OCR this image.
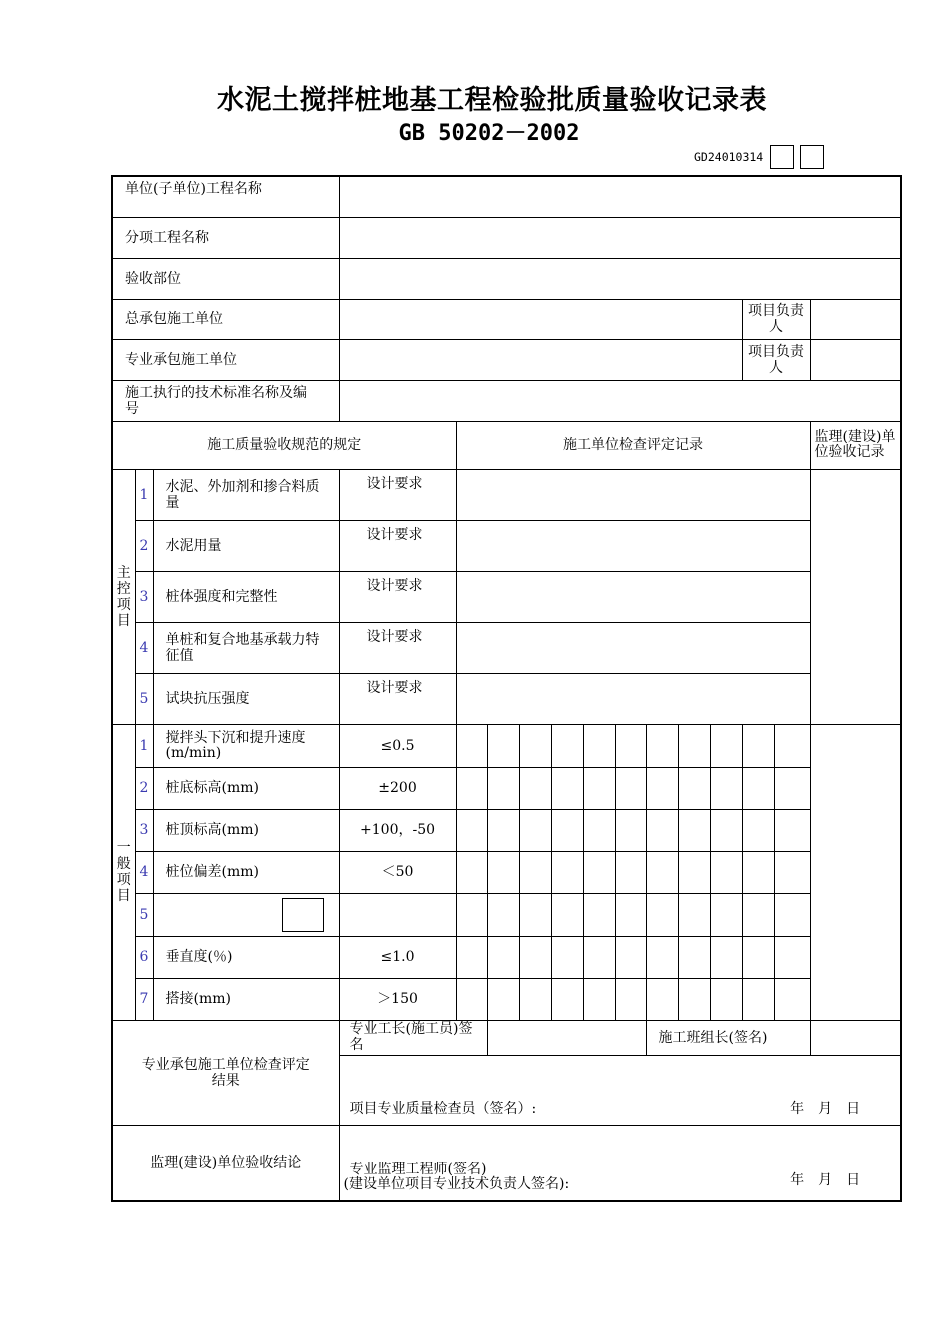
水泥土搅拌桩地基工程检验批质量验收记录表
GB 50202－2002
GD24010314
单位(子单位)工程名称															

分项工程名称															
验收部位															
总承包施工单位													项目负责人		
专业承包施工单位													项目负责人		
施工执行的技术标准名称及编号															
施工质量验收规范的规定				施工单位检查评定记录											监理(建设)单位验收记录
主控项目	1	水泥、外加剂和掺合料质量	设计要求												

	2	水泥用量	设计要求												

	3	桩体强度和完整性	设计要求												

	4	单桩和复合地基承载力特征值	设计要求												

	5	试块抗压强度	设计要求												

一般项目	1	搅拌头下沉和提升速度(m/min)	≤0.5												
	2	桩底标高(mm)	±200												
	3	桩顶标高(mm)	+100，-50												
	4	桩位偏差(mm)	＜50												
	5		

	6	垂直度(％)	≤1.0												
	7	搭接(mm)	＞150												
专业承包施工单位检查评定结果			专业工长(施工员)签名							施工班组长(签名)					

			项目专业质量检查员（签名）: 年　月　日												

监理(建设)单位验收结论			专业监理工程师(签名)
(建设单位项目专业技术负责人签名): 年　月　日												
